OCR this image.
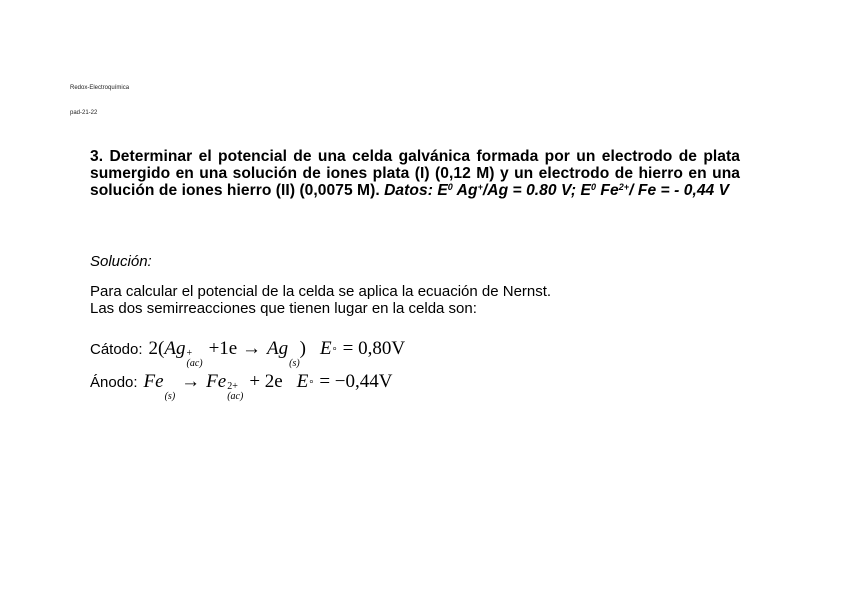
Redox-Electroquímica
pad-21-22
3. Determinar el potencial de una celda galvánica formada por un electrodo de plata sumergido en una solución de iones plata (I) (0,12 M) y un electrodo de hierro en una solución de iones hierro (II) (0,0075 M). Datos: $E^0$ Ag+/Ag = 0.80 V; $E^0$ $Fe^{2+}/$ Fe = - 0,44 V
Solución:
Para calcular el potencial de la celda se aplica la ecuación de Nernst.
Las dos semirreacciones que tienen lugar en la celda son:
Cátodo: 2( Ag +
(ac)
+1e → Ag

(s)
) E ° = 0,80V
Ánodo: Fe

(s)
→ Fe 2+
(ac)
+ 2e E ° = −0,44V
